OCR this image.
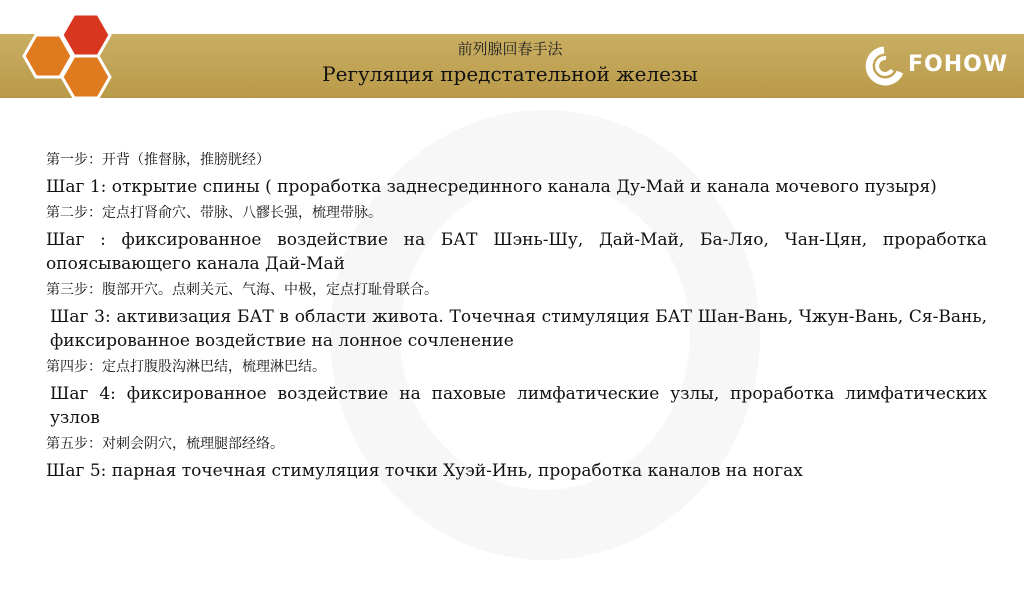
前列腺回春手法
Регуляция предстательной железы	FOHOW
第一步：开背（推督脉，推膀胱经）
Шаг 1: открытие спины ( проработка заднесрединного канала Ду-Май и канала мочевого пузыря)
第二步：定点打肾俞穴、带脉、八髎长强，梳理带脉。
Шаг : фиксированное воздействие на БАТ Шэнь-Шу, Дай-Май, Ба-Ляо, Чан-Цян, проработка опоясывающего канала Дай-Май
第三步：腹部开穴。点刺关元、气海、中极，定点打耻骨联合。
Шаг 3: активизация БАТ в области живота. Точечная стимуляция БАТ Шан-Вань, Чжун-Вань, Ся-Вань, фиксированное воздействие на лонное сочленение
第四步：定点打腹股沟淋巴结，梳理淋巴结。
Шаг 4: фиксированное воздействие на паховые лимфатические узлы, проработка лимфатических узлов
第五步：对刺会阴穴，梳理腿部经络。
Шаг 5: парная точечная стимуляция точки Хуэй-Инь, проработка каналов на ногах
